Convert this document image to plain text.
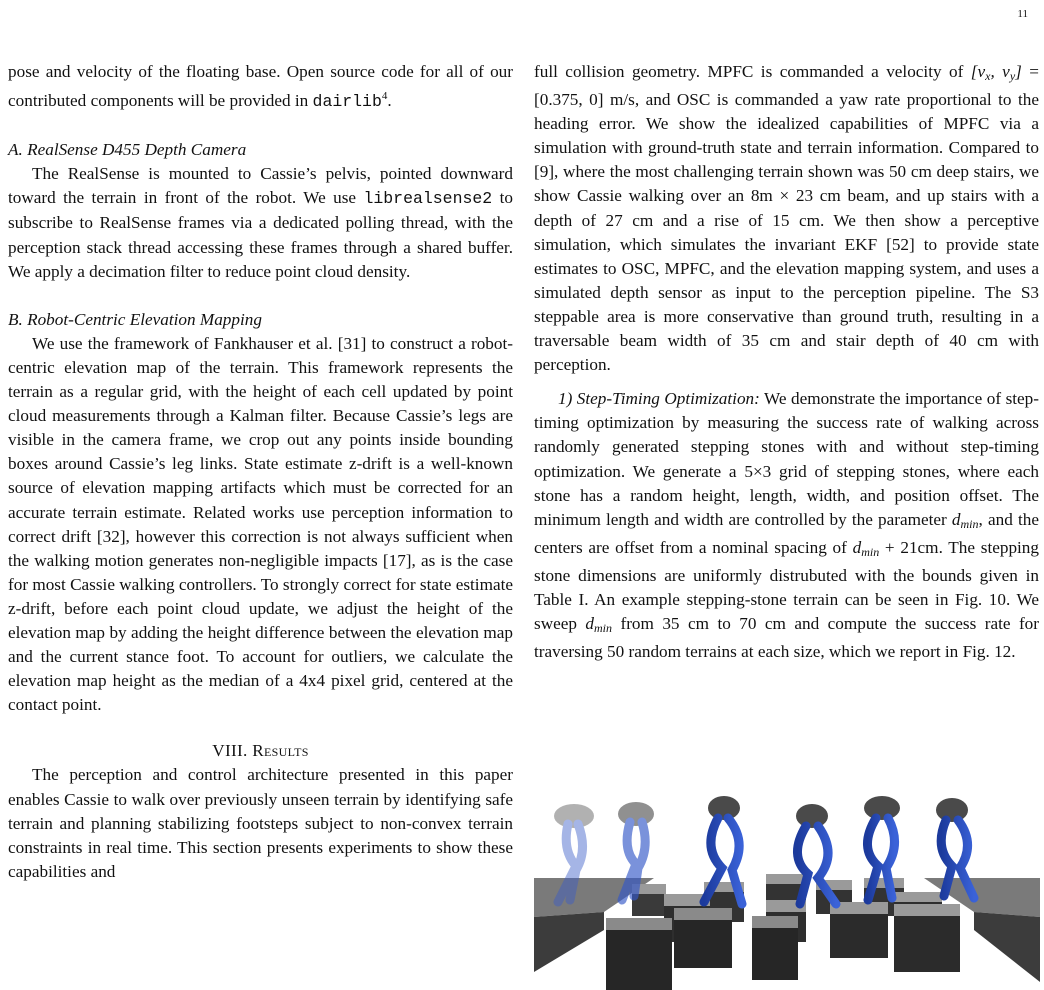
11

pose and velocity of the floating base. Open source code for all of our contributed components will be provided in dairlib$^4$.

A. RealSense D455 Depth Camera

The RealSense is mounted to Cassie’s pelvis, pointed downward toward the terrain in front of the robot. We use librealsense2 to subscribe to RealSense frames via a dedicated polling thread, with the perception stack thread accessing these frames through a shared buffer. We apply a decimation filter to reduce point cloud density.

B. Robot-Centric Elevation Mapping

We use the framework of Fankhauser et al. [31] to construct a robot-centric elevation map of the terrain. This framework represents the terrain as a regular grid, with the height of each cell updated by point cloud measurements through a Kalman filter. Because Cassie’s legs are visible in the camera frame, we crop out any points inside bounding boxes around Cassie’s leg links. State estimate z-drift is a well-known source of elevation mapping artifacts which must be corrected for an accurate terrain estimate. Related works use perception information to correct drift [32], however this correction is not always sufficient when the walking motion generates non-negligible impacts [17], as is the case for most Cassie walking controllers. To strongly correct for state estimate z-drift, before each point cloud update, we adjust the height of the elevation map by adding the height difference between the elevation map and the current stance foot. To account for outliers, we calculate the elevation map height as the median of a 4x4 pixel grid, centered at the contact point.

VIII. Results

The perception and control architecture presented in this paper enables Cassie to walk over previously unseen terrain by identifying safe terrain and planning stabilizing footsteps subject to non-convex terrain constraints in real time. This section presents experiments to show these capabilities and

full collision geometry. MPFC is commanded a velocity of [$v_x$, $v_y] = [0.375$, 0] m/s, and OSC is commanded a yaw rate proportional to the heading error. We show the idealized capabilities of MPFC via a simulation with ground-truth state and terrain information. Compared to [9], where the most challenging terrain shown was 50 cm deep stairs, we show Cassie walking over an 8m × 23 cm beam, and up stairs with a depth of 27 cm and a rise of 15 cm. We then show a perceptive simulation, which simulates the invariant EKF [52] to provide state estimates to OSC, MPFC, and the elevation mapping system, and uses a simulated depth sensor as input to the perception pipeline. The S3 steppable area is more conservative than ground truth, resulting in a traversable beam width of 35 cm and stair depth of 40 cm with perception.

1) Step-Timing Optimization: We demonstrate the importance of step-timing optimization by measuring the success rate of walking across randomly generated stepping stones with and without step-timing optimization. We generate a 5×3 grid of stepping stones, where each stone has a random height, length, width, and position offset. The minimum length and width are controlled by the parameter $d_{min}$, and the centers are offset from a nominal spacing of $d_{min} + 21cm$. The stepping stone dimensions are uniformly distrubuted with the bounds given in Table I. An example stepping-stone terrain can be seen in Fig. 10. We sweep $d_{min}$ from 35 cm to 70 cm and compute the success rate for traversing 50 random terrains at each size, which we report in Fig. 12.
